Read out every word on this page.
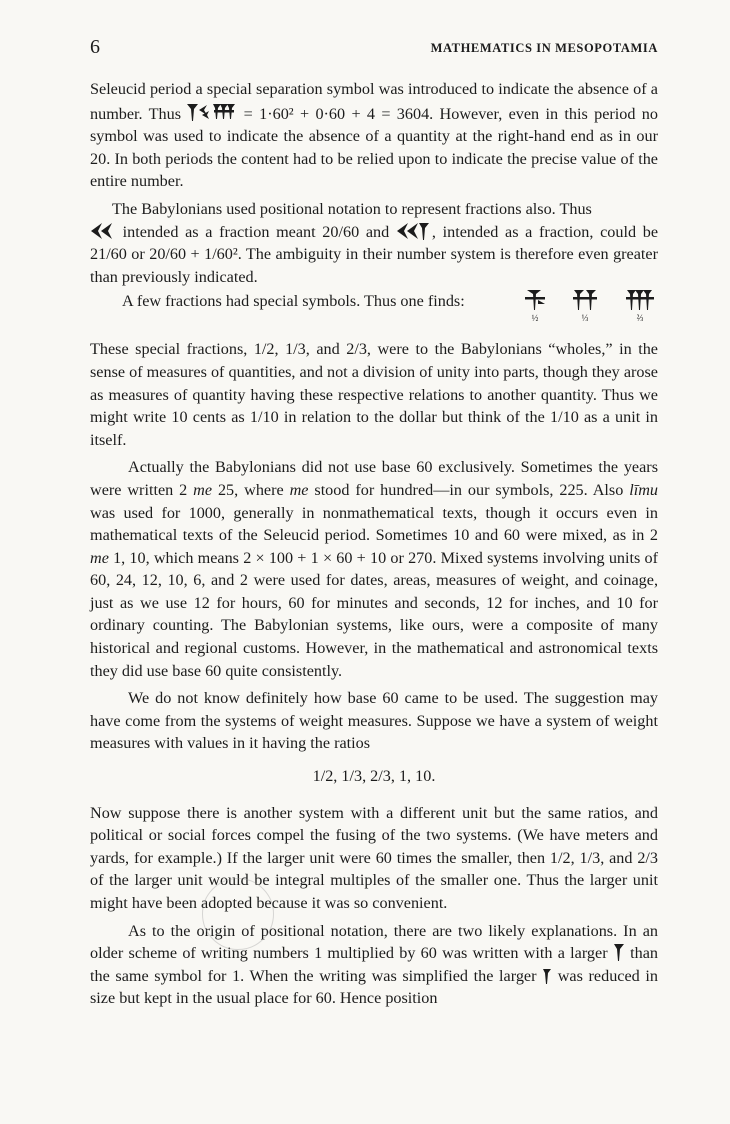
6	MATHEMATICS IN MESOPOTAMIA

Seleucid period a special separation symbol was introduced to indicate the absence of a number. Thus	= 1·60² + 0·60 + 4 = 3604. However, even in this period no symbol was used to indicate the absence of a quantity at the right-hand end as in our 20. In both periods the content had to be relied upon to indicate the precise value of the entire number.

The Babylonians used positional notation to represent fractions also. Thus
intended as a fraction meant 20/60 and , intended as a fraction, could be 21/60 or 20/60 + 1/60². The ambiguity in their number system is therefore even greater than previously indicated.

A few fractions had special symbols. Thus one finds:
½	⅓	⅔

These special fractions, 1/2, 1/3, and 2/3, were to the Babylonians “wholes,” in the sense of measures of quantities, and not a division of unity into parts, though they arose as measures of quantity having these respective relations to another quantity. Thus we might write 10 cents as 1/10 in relation to the dollar but think of the 1/10 as a unit in itself.

Actually the Babylonians did not use base 60 exclusively. Sometimes the years were written 2 me 25, where me stood for hundred—in our symbols, 225. Also līmu was used for 1000, generally in nonmathematical texts, though it occurs even in mathematical texts of the Seleucid period. Sometimes 10 and 60 were mixed, as in 2 me 1, 10, which means 2 × 100 + 1 × 60 + 10 or 270. Mixed systems involving units of 60, 24, 12, 10, 6, and 2 were used for dates, areas, measures of weight, and coinage, just as we use 12 for hours, 60 for minutes and seconds, 12 for inches, and 10 for ordinary counting. The Babylonian systems, like ours, were a composite of many historical and regional customs. However, in the mathematical and astronomical texts they did use base 60 quite consistently.

We do not know definitely how base 60 came to be used. The suggestion may have come from the systems of weight measures. Suppose we have a system of weight measures with values in it having the ratios

1/2, 1/3, 2/3, 1, 10.

Now suppose there is another system with a different unit but the same ratios, and political or social forces compel the fusing of the two systems. (We have meters and yards, for example.) If the larger unit were 60 times the smaller, then 1/2, 1/3, and 2/3 of the larger unit would be integral multiples of the smaller one. Thus the larger unit might have been adopted because it was so convenient.

As to the origin of positional notation, there are two likely explanations. In an older scheme of writing numbers 1 multiplied by 60 was written with a larger  than the same symbol for 1. When the writing was simplified the larger  was reduced in size but kept in the usual place for 60. Hence position
